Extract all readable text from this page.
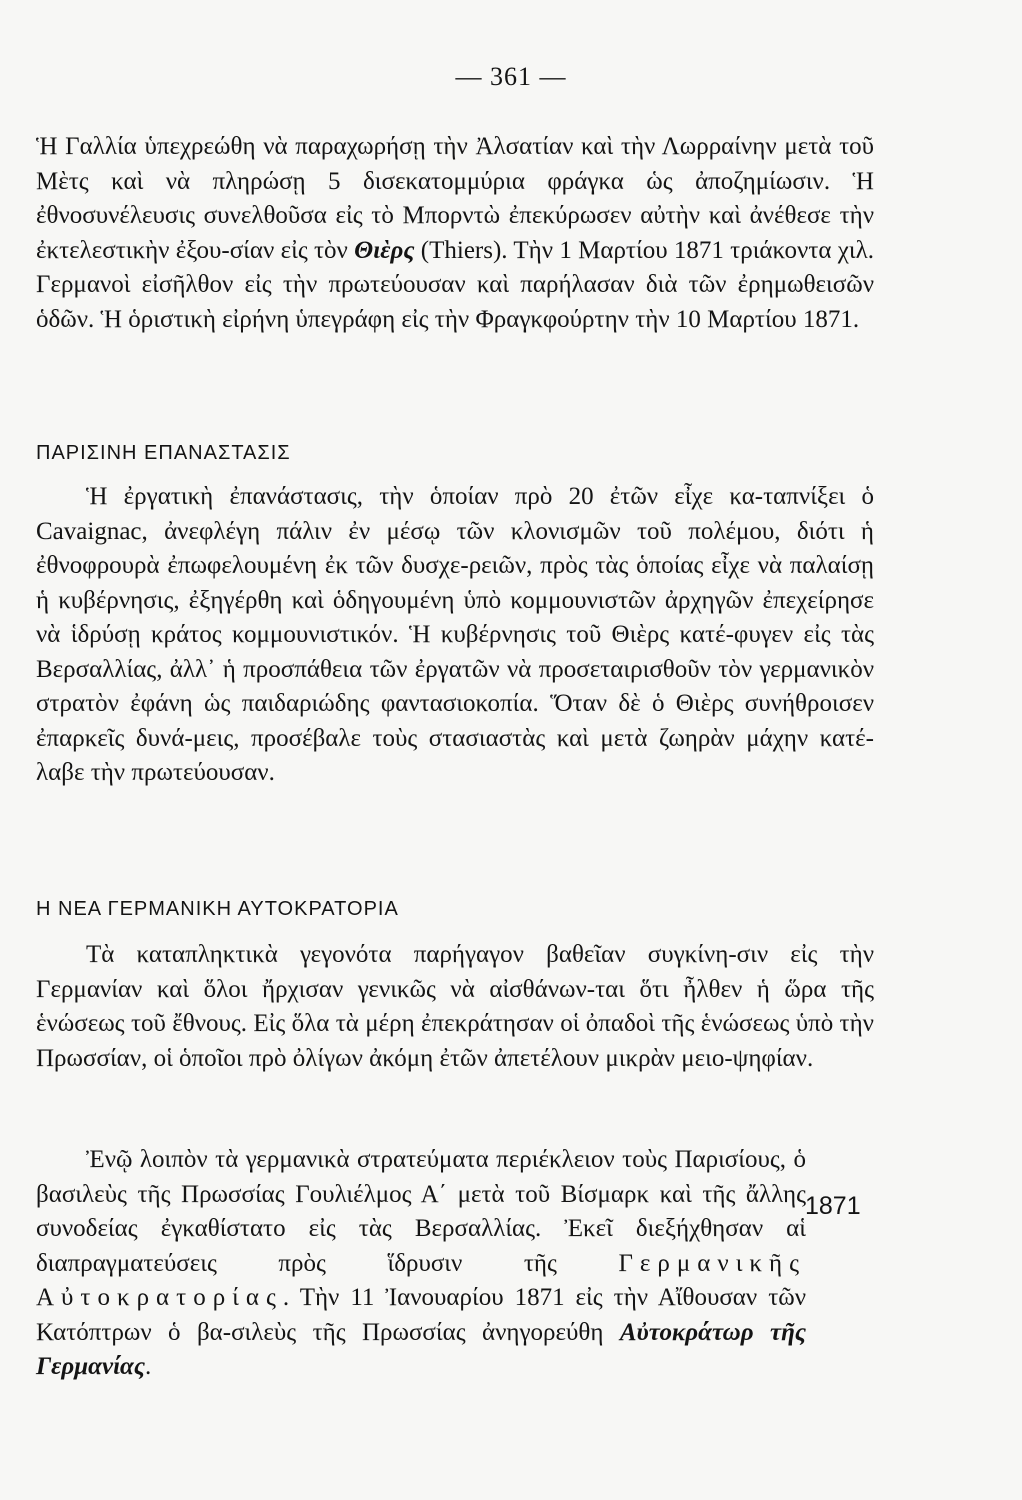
— 361 —

Ἡ Γαλλία ὑπεχρεώθη νὰ παραχωρήσῃ τὴν Ἀλσατίαν καὶ τὴν Λωρραίνην μετὰ τοῦ Μὲτς καὶ νὰ πληρώσῃ 5 δισεκατομμύρια φράγκα ὡς ἀποζημίωσιν. Ἡ ἐθνοσυνέλευσις συνελθοῦσα εἰς τὸ Μπορντὼ ἐπεκύρωσεν αὐτὴν καὶ ἀνέθεσε τὴν ἐκτελεστικὴν ἐξου-σίαν εἰς τὸν Θιὲρς (Thiers). Τὴν 1 Μαρτίου 1871 τριάκοντα χιλ. Γερμανοὶ εἰσῆλθον εἰς τὴν πρωτεύουσαν καὶ παρήλασαν διὰ τῶν ἐρημωθεισῶν ὁδῶν. Ἡ ὁριστικὴ εἰρήνη ὑπεγράφη εἰς τὴν Φραγκφούρτην τὴν 10 Μαρτίου 1871.

ΠΑΡΙΣΙΝΗ ΕΠΑΝΑΣΤΑΣΙΣ

Ἡ ἐργατικὴ ἐπανάστασις, τὴν ὁποίαν πρὸ 20 ἐτῶν εἶχε κα-ταπνίξει ὁ Cavaignac, ἀνεφλέγη πάλιν ἐν μέσῳ τῶν κλονισμῶν τοῦ πολέμου, διότι ἡ ἐθνοφρουρὰ ἐπωφελουμένη ἐκ τῶν δυσχε-ρειῶν, πρὸς τὰς ὁποίας εἶχε νὰ παλαίσῃ ἡ κυβέρνησις, ἐξηγέρθη καὶ ὁδηγουμένη ὑπὸ κομμουνιστῶν ἀρχηγῶν ἐπεχείρησε νὰ ἱδρύσῃ κράτος κομμουνιστικόν. Ἡ κυβέρνησις τοῦ Θιὲρς κατέ-φυγεν εἰς τὰς Βερσαλλίας, ἀλλ᾽ ἡ προσπάθεια τῶν ἐργατῶν νὰ προσεταιρισθοῦν τὸν γερμανικὸν στρατὸν ἐφάνη ὡς παιδαριώδης φαντασιοκοπία. Ὅταν δὲ ὁ Θιὲρς συνήθροισεν ἐπαρκεῖς δυνά-μεις, προσέβαλε τοὺς στασιαστὰς καὶ μετὰ ζωηρὰν μάχην κατέ-λαβε τὴν πρωτεύουσαν.

Η ΝΕΑ ΓΕΡΜΑΝΙΚΗ ΑΥΤΟΚΡΑΤΟΡΙΑ

Τὰ καταπληκτικὰ γεγονότα παρήγαγον βαθεῖαν συγκίνη-σιν εἰς τὴν Γερμανίαν καὶ ὅλοι ἤρχισαν γενικῶς νὰ αἰσθάνων-ται ὅτι ἦλθεν ἡ ὥρα τῆς ἑνώσεως τοῦ ἔθνους. Εἰς ὅλα τὰ μέρη ἐπεκράτησαν οἱ ὀπαδοὶ τῆς ἑνώσεως ὑπὸ τὴν Πρωσσίαν, οἱ ὁποῖοι πρὸ ὀλίγων ἀκόμη ἐτῶν ἀπετέλουν μικρὰν μειο-ψηφίαν.

Ἐνῷ λοιπὸν τὰ γερμανικὰ στρατεύματα περιέκλειον τοὺς Παρισίους, ὁ βασιλεὺς τῆς Πρωσσίας Γουλιέλμος Α΄ μετὰ τοῦ Βίσμαρκ καὶ τῆς ἄλλης συνοδείας ἐγκαθίστατο εἰς τὰς Βερσαλλίας. Ἐκεῖ διεξήχθησαν αἱ διαπραγματεύσεις πρὸς ἵδρυσιν τῆς Γερμανικῆς Αὐτοκρατορίας. Τὴν 11 Ἰανουαρίου 1871 εἰς τὴν Αἴθουσαν τῶν Κατόπτρων ὁ βα-σιλεὺς τῆς Πρωσσίας ἀνηγορεύθη Αὐτοκράτωρ τῆς Γερμανίας.

1871
